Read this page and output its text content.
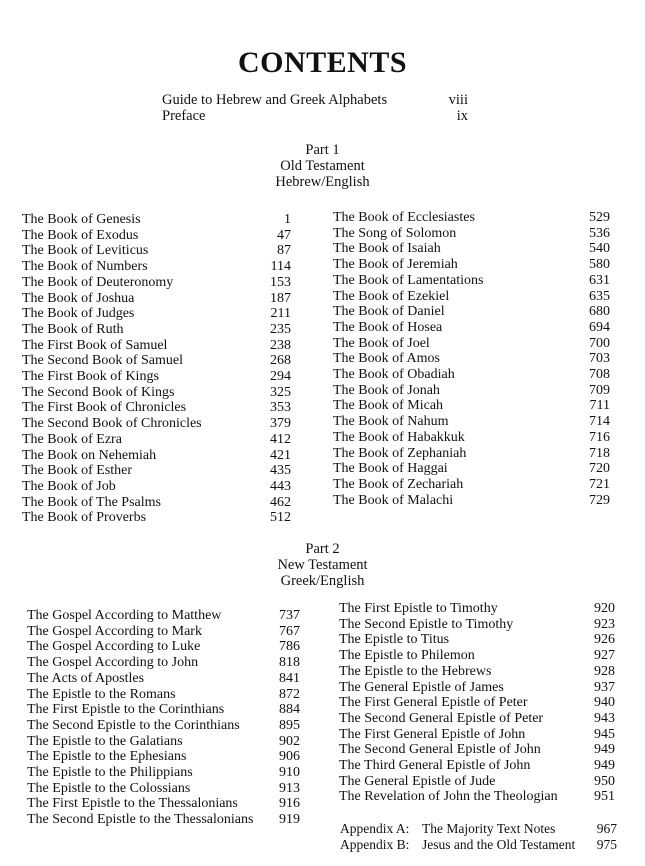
CONTENTS
Guide to Hebrew and Greek Alphabets	viii
Preface	ix
Part 1
Old Testament
Hebrew/English
The Book of Genesis	1
The Book of Exodus	47
The Book of Leviticus	87
The Book of Numbers	114
The Book of Deuteronomy	153
The Book of Joshua	187
The Book of Judges	211
The Book of Ruth	235
The First Book of Samuel	238
The Second Book of Samuel	268
The First Book of Kings	294
The Second Book of Kings	325
The First Book of Chronicles	353
The Second Book of Chronicles	379
The Book of Ezra	412
The Book on Nehemiah	421
The Book of Esther	435
The Book of Job	443
The Book of The Psalms	462
The Book of Proverbs	512
The Book of Ecclesiastes	529
The Song of Solomon	536
The Book of Isaiah	540
The Book of Jeremiah	580
The Book of Lamentations	631
The Book of Ezekiel	635
The Book of Daniel	680
The Book of Hosea	694
The Book of Joel	700
The Book of Amos	703
The Book of Obadiah	708
The Book of Jonah	709
The Book of Micah	711
The Book of Nahum	714
The Book of Habakkuk	716
The Book of Zephaniah	718
The Book of Haggai	720
The Book of Zechariah	721
The Book of Malachi	729
Part 2
New Testament
Greek/English
The Gospel According to Matthew	737
The Gospel According to Mark	767
The Gospel According to Luke	786
The Gospel According to John	818
The Acts of Apostles	841
The Epistle to the Romans	872
The First Epistle to the Corinthians	884
The Second Epistle to the Corinthians	895
The Epistle to the Galatians	902
The Epistle to the Ephesians	906
The Epistle to the Philippians	910
The Epistle to the Colossians	913
The First Epistle to the Thessalonians	916
The Second Epistle to the Thessalonians 919
The First Epistle to Timothy	920
The Second Epistle to Timothy	923
The Epistle to Titus	926
The Epistle to Philemon	927
The Epistle to the Hebrews	928
The General Epistle of James	937
The First General Epistle of Peter	940
The Second General Epistle of Peter	943
The First General Epistle of John	945
The Second General Epistle of John	949
The Third General Epistle of John	949
The General Epistle of Jude	950
The Revelation of John the Theologian	951
Appendix A: The Majority Text Notes	967
Appendix B: Jesus and the Old Testament	975
